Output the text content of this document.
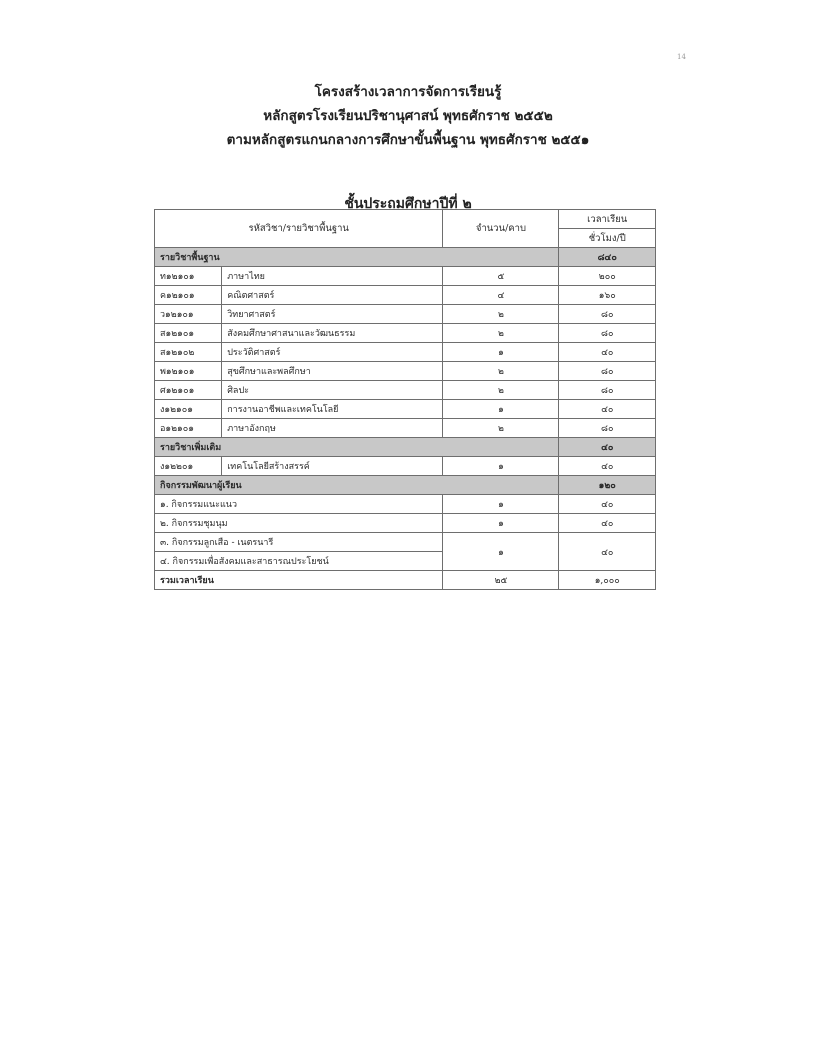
14
โครงสร้างเวลาการจัดการเรียนรู้
หลักสูตรโรงเรียนปริชานุศาสน์ พุทธศักราช ๒๕๕๒
ตามหลักสูตรแกนกลางการศึกษาขั้นพื้นฐาน พุทธศักราช ๒๕๕๑
ชั้นประถมศึกษาปีที่ ๒
รหัสวิชา/รายวิชาพื้นฐาน		จำนวน/คาบ	เวลาเรียน
			ชั่วโมง/ปี
รายวิชาพื้นฐาน			๘๔๐
ท๑๒๑๐๑	ภาษาไทย	๕	๒๐๐
ค๑๒๑๐๑	คณิตศาสตร์	๔	๑๖๐
ว๑๒๑๐๑	วิทยาศาสตร์	๒	๘๐
ส๑๒๑๐๑	สังคมศึกษาศาสนาและวัฒนธรรม	๒	๘๐
ส๑๒๑๐๒	ประวัติศาสตร์	๑	๔๐
พ๑๒๑๐๑	สุขศึกษาและพลศึกษา	๒	๘๐
ศ๑๒๑๐๑	ศิลปะ	๒	๘๐
ง๑๒๑๐๑	การงานอาชีพและเทคโนโลยี	๑	๔๐
อ๑๒๑๐๑	ภาษาอังกฤษ	๒	๘๐
รายวิชาเพิ่มเติม			๔๐
ง๑๒๒๐๑	เทคโนโลยีสร้างสรรค์	๑	๔๐
กิจกรรมพัฒนาผู้เรียน			๑๒๐
๑. กิจกรรมแนะแนว		๑	๔๐
๒. กิจกรรมชุมนุม		๑	๔๐
๓. กิจกรรมลูกเสือ - เนตรนารี		๑	๔๐
๔. กิจกรรมเพื่อสังคมและสาธารณประโยชน์			
รวมเวลาเรียน		๒๕	๑,๐๐๐
